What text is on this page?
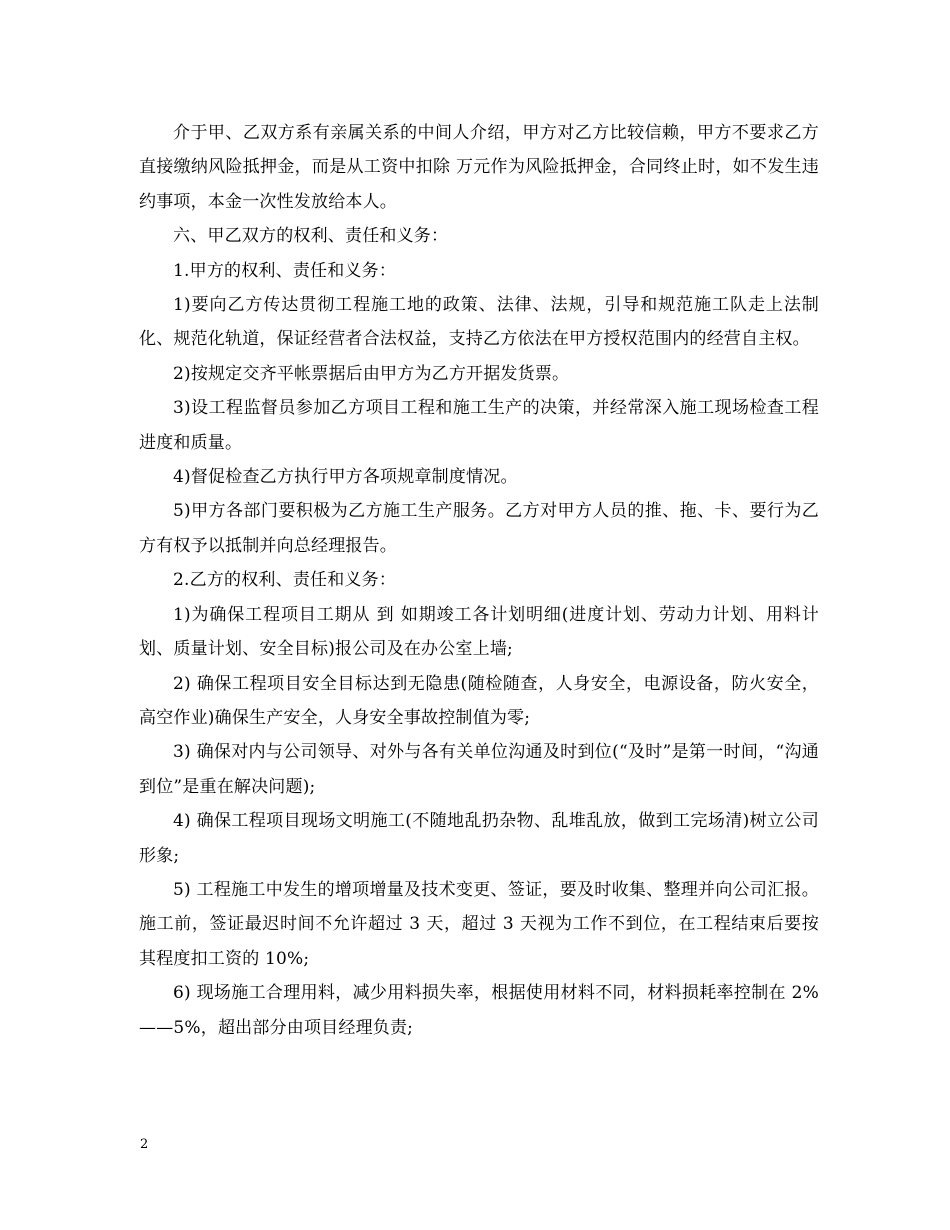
介于甲、乙双方系有亲属关系的中间人介绍，甲方对乙方比较信赖，甲方不要求乙方直接缴纳风险抵押金，而是从工资中扣除 万元作为风险抵押金，合同终止时，如不发生违约事项，本金一次性发放给本人。

六、甲乙双方的权利、责任和义务：

1.甲方的权利、责任和义务：

1)要向乙方传达贯彻工程施工地的政策、法律、法规，引导和规范施工队走上法制化、规范化轨道，保证经营者合法权益，支持乙方依法在甲方授权范围内的经营自主权。

2)按规定交齐平帐票据后由甲方为乙方开据发货票。

3)设工程监督员参加乙方项目工程和施工生产的决策，并经常深入施工现场检查工程进度和质量。

4)督促检查乙方执行甲方各项规章制度情况。

5)甲方各部门要积极为乙方施工生产服务。乙方对甲方人员的推、拖、卡、要行为乙方有权予以抵制并向总经理报告。

2.乙方的权利、责任和义务：

1)为确保工程项目工期从 到 如期竣工各计划明细(进度计划、劳动力计划、用料计划、质量计划、安全目标)报公司及在办公室上墙;

2) 确保工程项目安全目标达到无隐患(随检随查，人身安全，电源设备，防火安全，高空作业)确保生产安全，人身安全事故控制值为零;

3) 确保对内与公司领导、对外与各有关单位沟通及时到位(“及时”是第一时间，“沟通到位”是重在解决问题);

4) 确保工程项目现场文明施工(不随地乱扔杂物、乱堆乱放，做到工完场清)树立公司形象;

5) 工程施工中发生的增项增量及技术变更、签证，要及时收集、整理并向公司汇报。施工前，签证最迟时间不允许超过 3 天，超过 3 天视为工作不到位，在工程结束后要按其程度扣工资的 10%;

6) 现场施工合理用料，减少用料损失率，根据使用材料不同，材料损耗率控制在 2%——5%，超出部分由项目经理负责;

2
